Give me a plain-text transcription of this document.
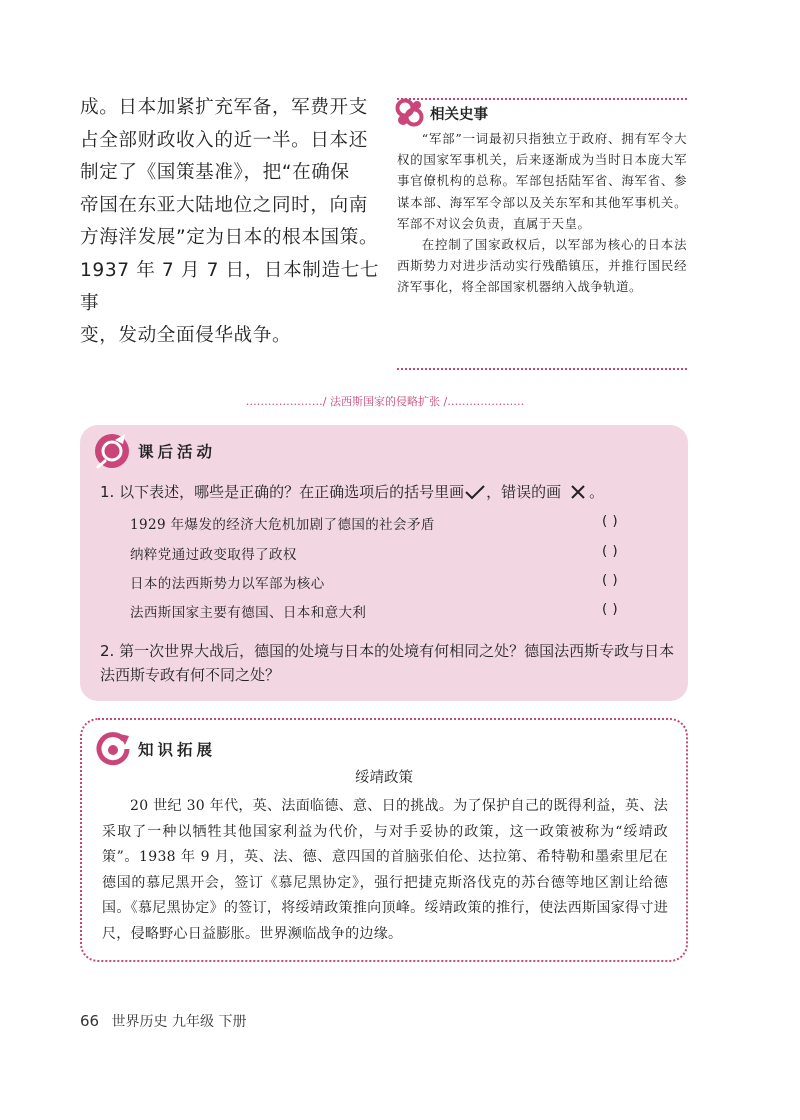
成。日本加紧扩充军备，军费开支

占全部财政收入的近一半。日本还

制定了《国策基准》，把“在确保

帝国在东亚大陆地位之同时，向南

方海洋发展”定为日本的根本国策。

1937 年 7 月 7 日，日本制造七七事

变，发动全面侵华战争。

相关史事

“军部”一词最初只指独立于政府、拥有军令大权的国家军事机关，后来逐渐成为当时日本庞大军事官僚机构的总称。军部包括陆军省、海军省、参谋本部、海军军令部以及关东军和其他军事机关。军部不对议会负责，直属于天皇。

在控制了国家政权后，以军部为核心的日本法西斯势力对进步活动实行残酷镇压，并推行国民经济军事化，将全部国家机器纳入战争轨道。

…………………/ 法西斯国家的侵略扩张 /…………………
课后活动
1. 以下表述，哪些是正确的？在正确选项后的括号里画 ，错误的画 。
1929 年爆发的经济大危机加剧了德国的社会矛盾	( )
纳粹党通过政变取得了政权	( )
日本的法西斯势力以军部为核心	( )
法西斯国家主要有德国、日本和意大利	( )
2. 第一次世界大战后，德国的处境与日本的处境有何相同之处？德国法西斯专政与日本法西斯专政有何不同之处？
知识拓展
绥靖政策

20 世纪 30 年代，英、法面临德、意、日的挑战。为了保护自己的既得利益，英、法采取了一种以牺牲其他国家利益为代价，与对手妥协的政策，这一政策被称为“绥靖政策”。1938 年 9 月，英、法、德、意四国的首脑张伯伦、达拉第、希特勒和墨索里尼在德国的慕尼黑开会，签订《慕尼黑协定》，强行把捷克斯洛伐克的苏台德等地区割让给德国。《慕尼黑协定》的签订，将绥靖政策推向顶峰。绥靖政策的推行，使法西斯国家得寸进尺，侵略野心日益膨胀。世界濒临战争的边缘。

66 世界历史 九年级 下册
